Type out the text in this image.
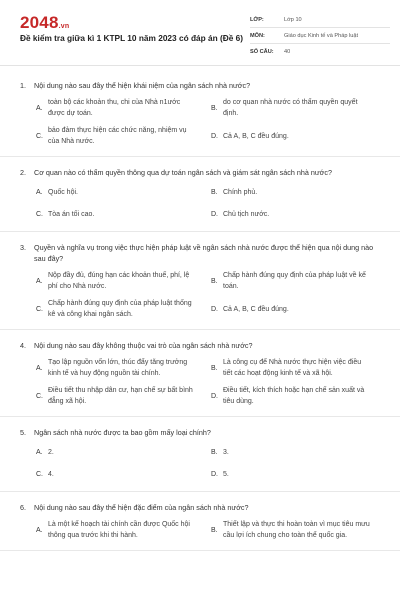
2048.vn
Đề kiểm tra giữa kì 1 KTPL 10 năm 2023 có đáp án (Đề 6)
LỚP:	Lớp 10
MÔN:	Giáo dục Kinh tế và Pháp luật
SỐ CÂU:	40
1.	Nội dung nào sau đây thể hiện khái niệm của ngân sách nhà nước?
A.
toàn bộ các khoản thu, chi của Nhà n1ước được dự toán.
B.
do cơ quan nhà nước có thẩm quyền quyết định.
C.
bảo đảm thực hiện các chức năng, nhiệm vụ của Nhà nước.
D. Cả A, B, C đều đúng.
2.	Cơ quan nào có thẩm quyền thông qua dự toán ngân sách và giám sát ngân sách nhà nước?
A. Quốc hội.	B. Chính phủ.
C. Tòa án tối cao.	D. Chủ tịch nước.
3.	Quyền và nghĩa vụ trong việc thực hiện pháp luật về ngân sách nhà nước được thể hiện qua nội dung nào sau đây?
A.
Nộp đầy đủ, đúng hạn các khoản thuế, phí, lệ phí cho Nhà nước.
B.
Chấp hành đúng quy định của pháp luật về kế toán.
C.
Chấp hành đúng quy định của pháp luật thống kê và công khai ngân sách.
D. Cả A, B, C đều đúng.
4.	Nội dung nào sau đây không thuộc vai trò của ngân sách nhà nước?
A.
Tạo lập nguồn vốn lớn, thúc đẩy tăng trưởng kinh tế và huy động nguồn tài chính.
B.
Là công cụ để Nhà nước thực hiện việc điều tiết các hoạt động kinh tế và xã hội.
C.
Điều tiết thu nhập dân cư, hạn chế sự bất bình đẳng xã hội.
D.
Điều tiết, kích thích hoặc hạn chế sản xuất và tiêu dùng.
5.	Ngân sách nhà nước được ta bao gồm mấy loại chính?
A. 2.	B. 3.
C. 4.	D. 5.
6.	Nội dung nào sau đây thể hiện đặc điểm của ngân sách nhà nước?
A.
Là một kế hoạch tài chính cần được Quốc hội thông qua trước khi thi hành.
B.
Thiết lập và thực thi hoàn toàn vì mục tiêu mưu cầu lợi ích chung cho toàn thể quốc gia.
